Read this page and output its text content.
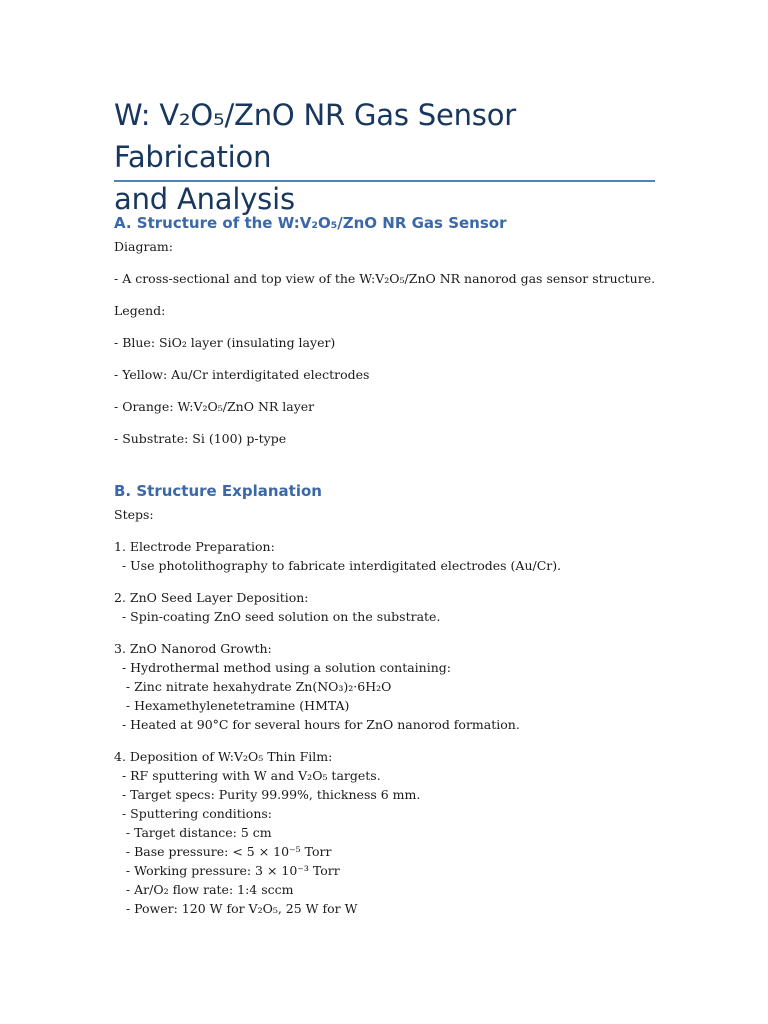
W: V₂O₅/ZnO NR Gas Sensor Fabrication
and Analysis
A. Structure of the W:V₂O₅/ZnO NR Gas Sensor

Diagram:

- A cross-sectional and top view of the W:V₂O₅/ZnO NR nanorod gas sensor structure.

Legend:

- Blue: SiO₂ layer (insulating layer)

- Yellow: Au/Cr interdigitated electrodes

- Orange: W:V₂O₅/ZnO NR layer

- Substrate: Si (100) p-type

B. Structure Explanation

Steps:

1. Electrode Preparation:

- Use photolithography to fabricate interdigitated electrodes (Au/Cr).

2. ZnO Seed Layer Deposition:

- Spin-coating ZnO seed solution on the substrate.

3. ZnO Nanorod Growth:

- Hydrothermal method using a solution containing:

- Zinc nitrate hexahydrate Zn(NO₃)₂·6H₂O

- Hexamethylenetetramine (HMTA)

- Heated at 90°C for several hours for ZnO nanorod formation.

4. Deposition of W:V₂O₅ Thin Film:

- RF sputtering with W and V₂O₅ targets.

- Target specs: Purity 99.99%, thickness 6 mm.

- Sputtering conditions:

- Target distance: 5 cm

- Base pressure: < 5 × 10⁻⁵ Torr

- Working pressure: 3 × 10⁻³ Torr

- Ar/O₂ flow rate: 1:4 sccm

- Power: 120 W for V₂O₅, 25 W for W
